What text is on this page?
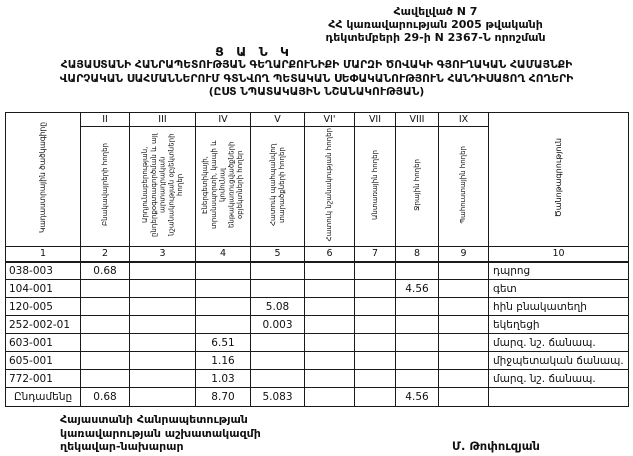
Հավելված N 7
ՀՀ կառավարության 2005 թվականի
դեկտեմբերի 29-ի N 2367-Ն որոշման
Ց Ա Ն Կ
ՀԱՅԱՍՏԱՆԻ ՀԱՆՐԱՊԵՏՈՒԹՅԱՆ ԳԵՂԱՐՔՈՒՆԻՔԻ ՄԱՐԶԻ ԾՈՎԱԿԻ ԳՅՈՒՂԱԿԱՆ ՀԱՄԱՅՆՔԻ
ՎԱՐՉԱԿԱՆ ՍԱՀՄԱՆՆԵՐՈՒՄ ԳՏՆՎՈՂ ՊԵՏԱԿԱՆ ՍԵՓԱԿԱՆՈՒԹՅՈՒՆ ՀԱՆԴԻՍԱՑՈՂ ՀՈՂԵՐԻ
(ԸՍՏ ՆՊԱՏԱԿԱՅԻՆ ՆՇԱՆԱԿՈՒԹՅԱՆ)
Կադաստրային ծածկագիրը	II	III	IV	V	VI'	VII	VIII	IX	Ծանոթագրություն
	Բնակավայրերի հողեր	Արդյունաբերության, ընդերքօգտագործման և այլ արտադրական նշանակության օբյեկտների հողեր	Էներգետիկայի, տրանսպորտի, կապի և կոմունալ ենթակառուցվածքների օբյեկտների հողեր	Հատուկ պահպանվող տարածքների հողեր	Հատուկ նշանակության հողեր	Անտառային հողեր	Ջրային հողեր	Պահուստային հողեր	
1	2	3	4	5	6	7	8	9	10
038-003	0.68								դպրոց
104-001							4.56		գետ
120-005				5.08					հին բնակատեղի
252-002-01				0.003					եկեղեցի
603-001			6.51						մարզ. նշ. ճանապ.
605-001			1.16						միջպետական ճանապ.
772-001			1.03						մարզ. նշ. ճանապ.
Ընդամենը	0.68		8.70	5.083			4.56		
Հայաստանի Հանրապետության
կառավարության աշխատակազմի
ղեկավար-նախարար	Մ. Թոփուզյան
